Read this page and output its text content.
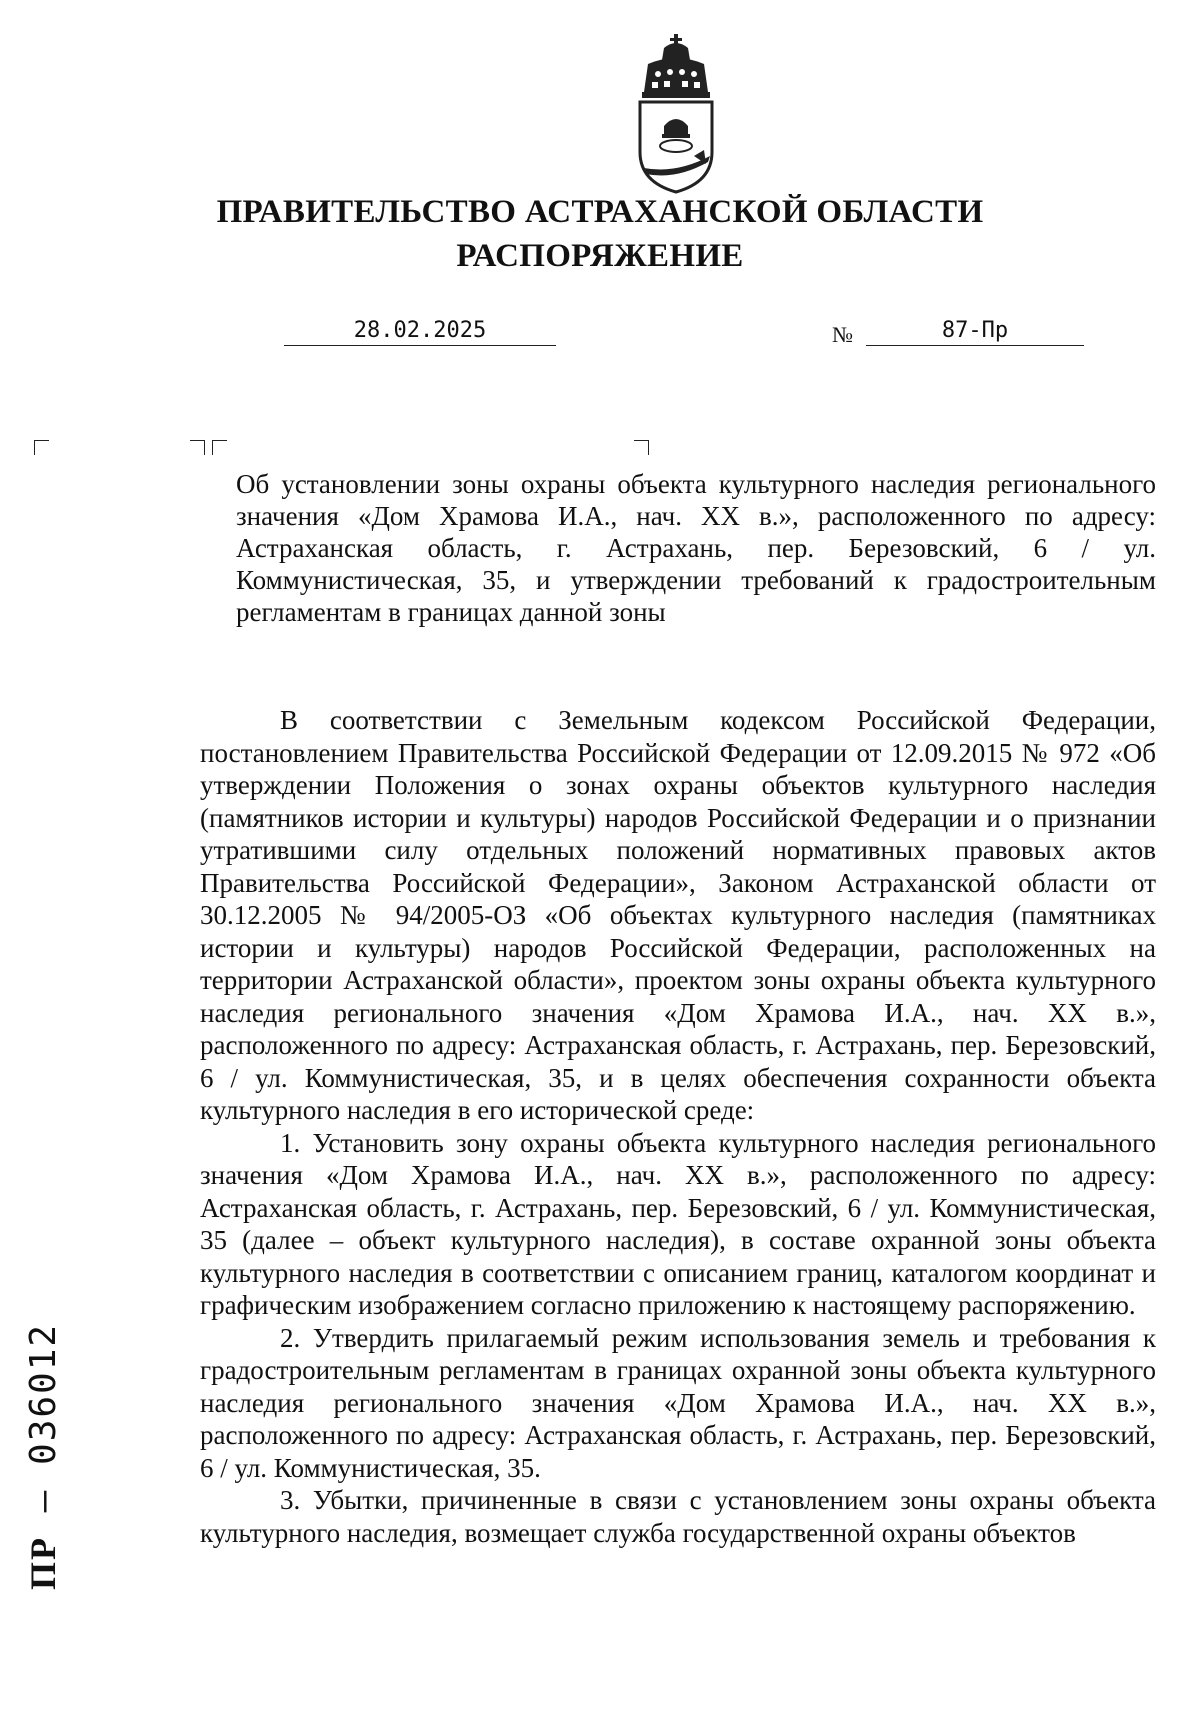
ПРАВИТЕЛЬСТВО АСТРАХАНСКОЙ ОБЛАСТИ
РАСПОРЯЖЕНИЕ
28.02.2025	№	87-Пр
Об установлении зоны охраны объекта культурного наследия регионального значения «Дом Храмова И.А., нач. XX в.», расположенного по адресу: Астраханская область, г. Астрахань, пер. Березовский, 6 / ул. Коммунистическая, 35, и утверждении требований к градостроительным регламентам в границах данной зоны

В соответствии с Земельным кодексом Российской Федерации, постановлением Правительства Российской Федерации от 12.09.2015 № 972 «Об утверждении Положения о зонах охраны объектов культурного наследия (памятников истории и культуры) народов Российской Федерации и о признании утратившими силу отдельных положений нормативных правовых актов Правительства Российской Федерации», Законом Астраханской области от 30.12.2005 № 94/2005-ОЗ «Об объектах культурного наследия (памятниках истории и культуры) народов Российской Федерации, расположенных на территории Астраханской области», проектом зоны охраны объекта культурного наследия регионального значения «Дом Храмова И.А., нач. XX в.», расположенного по адресу: Астраханская область, г. Астрахань, пер. Березовский, 6 / ул. Коммунистическая, 35, и в целях обеспечения сохранности объекта культурного наследия в его исторической среде:

1. Установить зону охраны объекта культурного наследия регионального значения «Дом Храмова И.А., нач. XX в.», расположенного по адресу: Астраханская область, г. Астрахань, пер. Березовский, 6 / ул. Коммунистическая, 35 (далее – объект культурного наследия), в составе охранной зоны объекта культурного наследия в соответствии с описанием границ, каталогом координат и графическим изображением согласно приложению к настоящему распоряжению.

2. Утвердить прилагаемый режим использования земель и требования к градостроительным регламентам в границах охранной зоны объекта культурного наследия регионального значения «Дом Храмова И.А., нач. XX в.», расположенного по адресу: Астраханская область, г. Астрахань, пер. Березовский, 6 / ул. Коммунистическая, 35.

3. Убытки, причиненные в связи с установлением зоны охраны объекта культурного наследия, возмещает служба государственной охраны объектов

ПР – 036012
